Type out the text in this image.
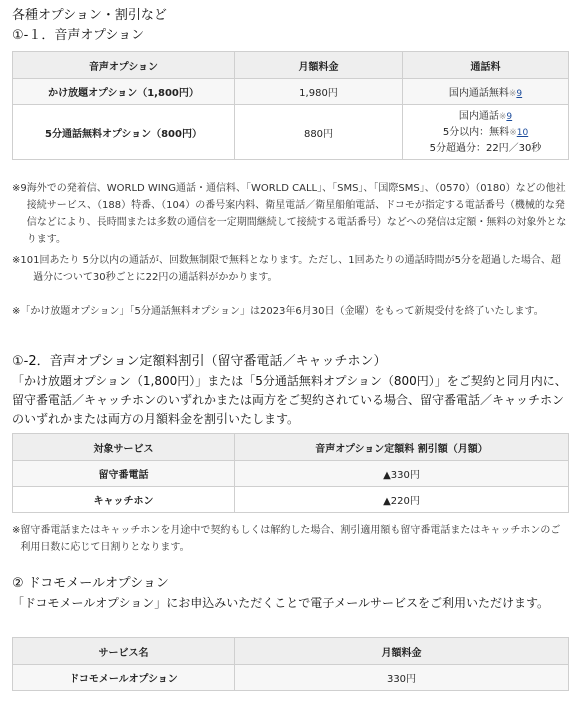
各種オプション・割引など
①-１．音声オプション
音声オプション	月額料金	通話料
かけ放題オプション（1,800円）	1,980円	国内通話無料※9
5分通話無料オプション（800円）	880円	国内通話※9
5分以内：無料※10
5分超過分：22円／30秒
※9 海外での発着信、WORLD WING通話・通信料、「WORLD CALL」、「SMS」、「国際SMS」、（0570）（0180）などの他社接続サービス、（188）特番、（104）の番号案内料、衛星電話／衛星船舶電話、ドコモが指定する電話番号（機械的な発信などにより、長時間または多数の通信を一定期間継続して接続する電話番号）などへの発信は定額・無料の対象外となります。
※10 1回あたり 5分以内の通話が、回数無制限で無料となります。ただし、1回あたりの通話時間が5分を超過した場合、超過分について30秒ごとに22円の通話料がかかります。
※ 「かけ放題オプション」「5分通話無料オプション」は2023年6月30日（金曜）をもって新規受付を終了いたします。
①-2．音声オプション定額料割引（留守番電話／キャッチホン）
「かけ放題オプション（1,800円）」または「5分通話無料オプション（800円）」をご契約と同月内に、留守番電話／キャッチホンのいずれかまたは両方をご契約されている場合、留守番電話／キャッチホンのいずれかまたは両方の月額料金を割引いたします。
対象サービス	音声オプション定額料 割引額（月額）
留守番電話	▲330円
キャッチホン	▲220円
※ 留守番電話またはキャッチホンを月途中で契約もしくは解約した場合、割引適用額も留守番電話またはキャッチホンのご利用日数に応じて日割りとなります。
② ドコモメールオプション
「ドコモメールオプション」にお申込みいただくことで電子メールサービスをご利用いただけます。
サービス名	月額料金
ドコモメールオプション	330円
